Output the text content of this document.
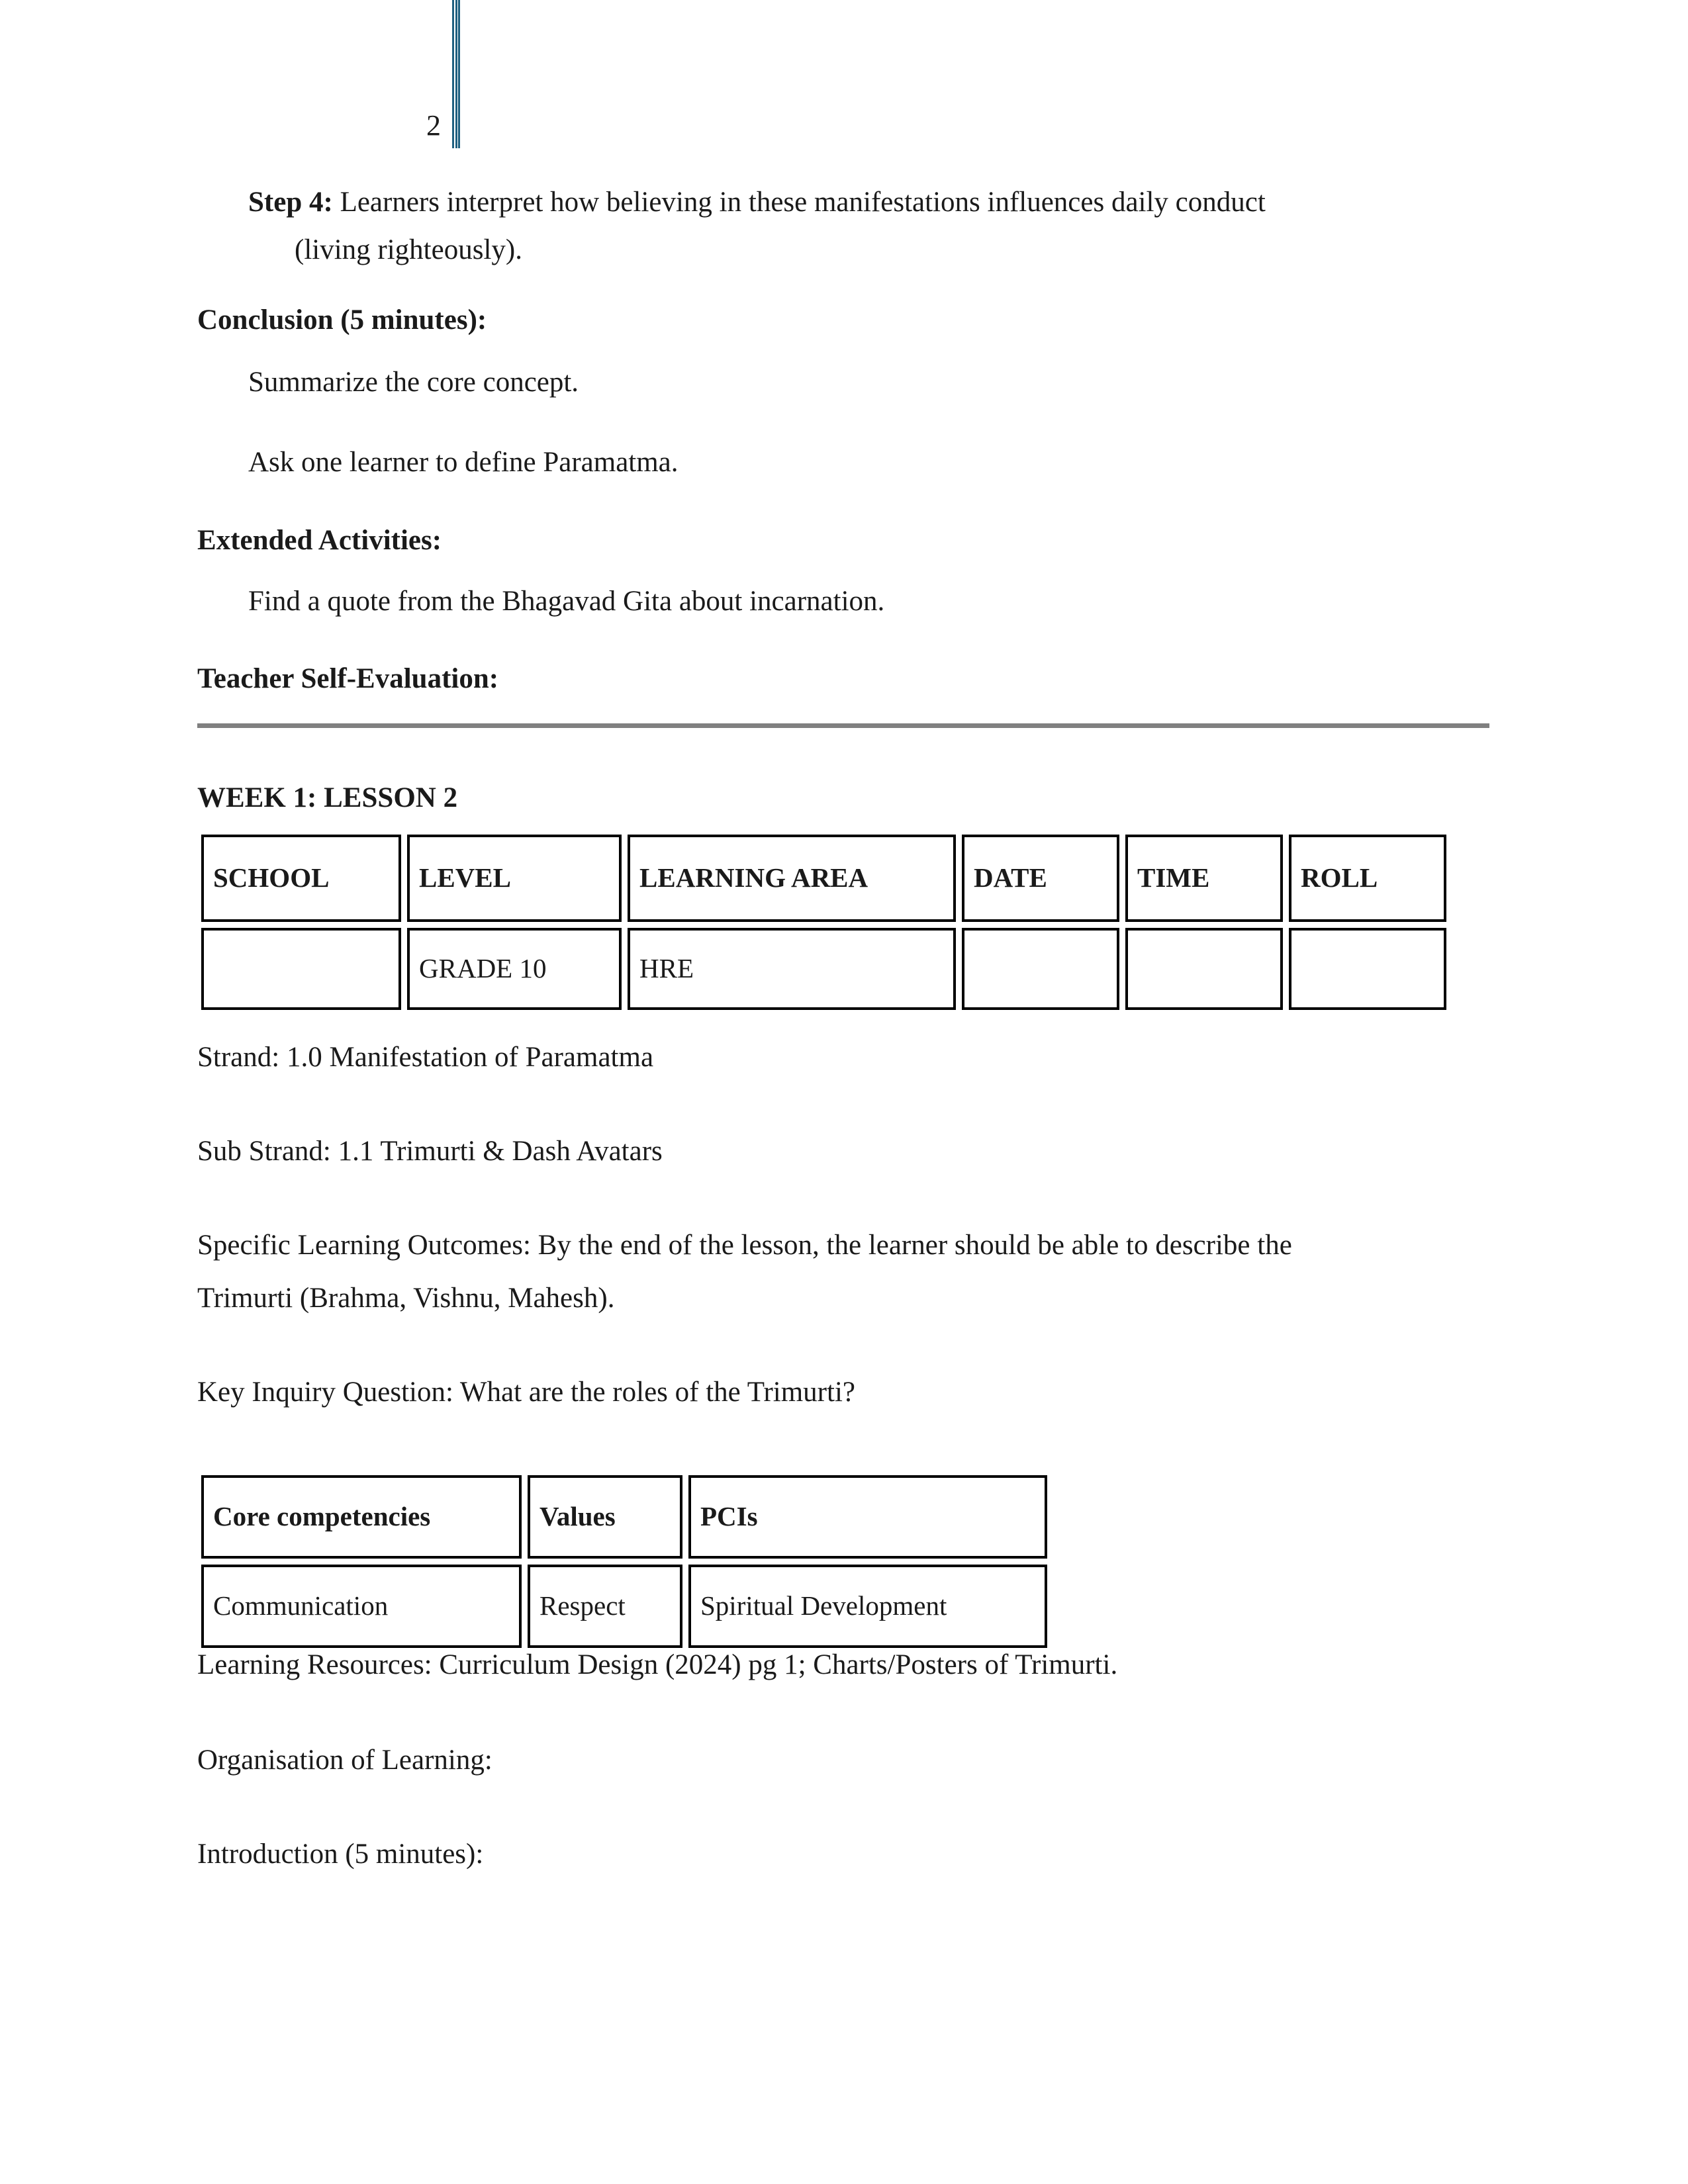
2

Step 4: Learners interpret how believing in these manifestations influences daily conduct

(living righteously).

Conclusion (5 minutes):

Summarize the core concept.

Ask one learner to define Paramatma.

Extended Activities:

Find a quote from the Bhagavad Gita about incarnation.

Teacher Self-Evaluation:

WEEK 1: LESSON 2

Strand: 1.0 Manifestation of Paramatma

Sub Strand: 1.1 Trimurti & Dash Avatars

Specific Learning Outcomes: By the end of the lesson, the learner should be able to describe the

Trimurti (Brahma, Vishnu, Mahesh).

Key Inquiry Question: What are the roles of the Trimurti?

Learning Resources: Curriculum Design (2024) pg 1; Charts/Posters of Trimurti.

Organisation of Learning:

Introduction (5 minutes):

SCHOOL	LEVEL	LEARNING AREA	DATE	TIME	ROLL
	GRADE 10	HRE			
Core competencies	Values	PCIs
Communication	Respect	Spiritual Development
